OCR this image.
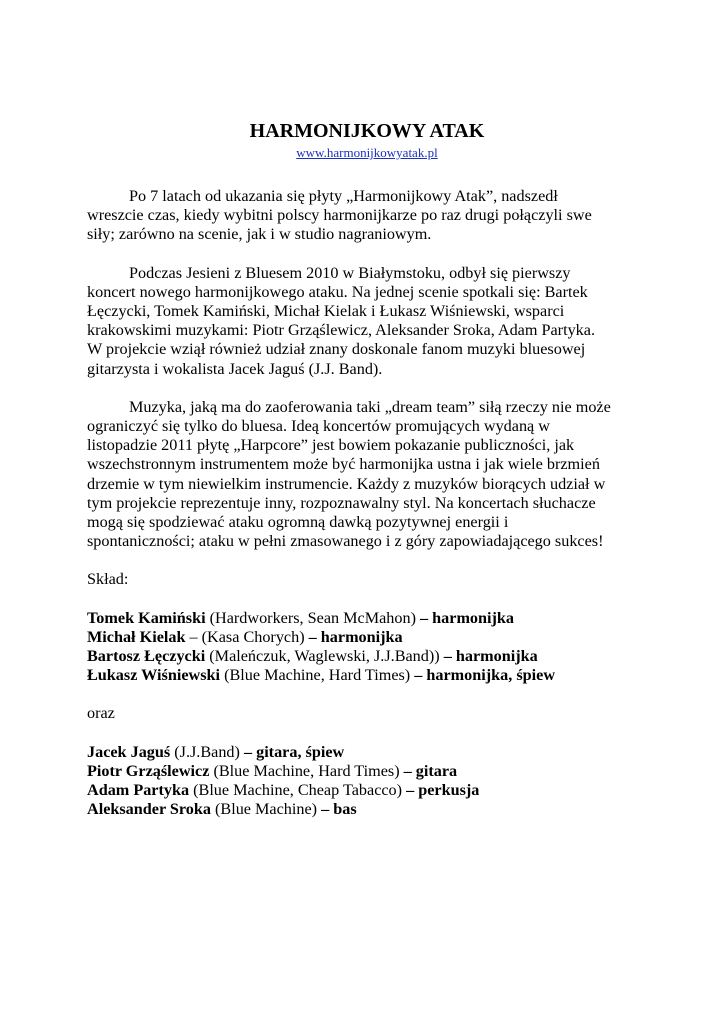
HARMONIJKOWY ATAK
www.harmonijkowyatak.pl
Po 7 latach od ukazania się płyty „Harmonijkowy Atak”, nadszedł
wreszcie czas, kiedy wybitni polscy harmonijkarze po raz drugi połączyli swe
siły; zarówno na scenie, jak i w studio nagraniowym.
Podczas Jesieni z Bluesem 2010 w Białymstoku, odbył się pierwszy
koncert nowego harmonijkowego ataku. Na jednej scenie spotkali się: Bartek
Łęczycki, Tomek Kamiński, Michał Kielak i Łukasz Wiśniewski, wsparci
krakowskimi muzykami: Piotr Grząślewicz, Aleksander Sroka, Adam Partyka.
W projekcie wziął również udział znany doskonale fanom muzyki bluesowej
gitarzysta i wokalista Jacek Jaguś (J.J. Band).
Muzyka, jaką ma do zaoferowania taki „dream team” siłą rzeczy nie może
ograniczyć się tylko do bluesa. Ideą koncertów promujących wydaną w
listopadzie 2011 płytę „Harpcore” jest bowiem pokazanie publiczności, jak
wszechstronnym instrumentem może być harmonijka ustna i jak wiele brzmień
drzemie w tym niewielkim instrumencie. Każdy z muzyków biorących udział w
tym projekcie reprezentuje inny, rozpoznawalny styl. Na koncertach słuchacze
mogą się spodziewać ataku ogromną dawką pozytywnej energii i
spontaniczności; ataku w pełni zmasowanego i z góry zapowiadającego sukces!
Skład:
Tomek Kamiński (Hardworkers, Sean McMahon) – harmonijka
Michał Kielak – (Kasa Chorych) – harmonijka
Bartosz Łęczycki (Maleńczuk, Waglewski, J.J.Band)) – harmonijka
Łukasz Wiśniewski (Blue Machine, Hard Times) – harmonijka, śpiew
oraz
Jacek Jaguś (J.J.Band) – gitara, śpiew
Piotr Grząślewicz (Blue Machine, Hard Times) – gitara
Adam Partyka (Blue Machine, Cheap Tabacco) – perkusja
Aleksander Sroka (Blue Machine) – bas
